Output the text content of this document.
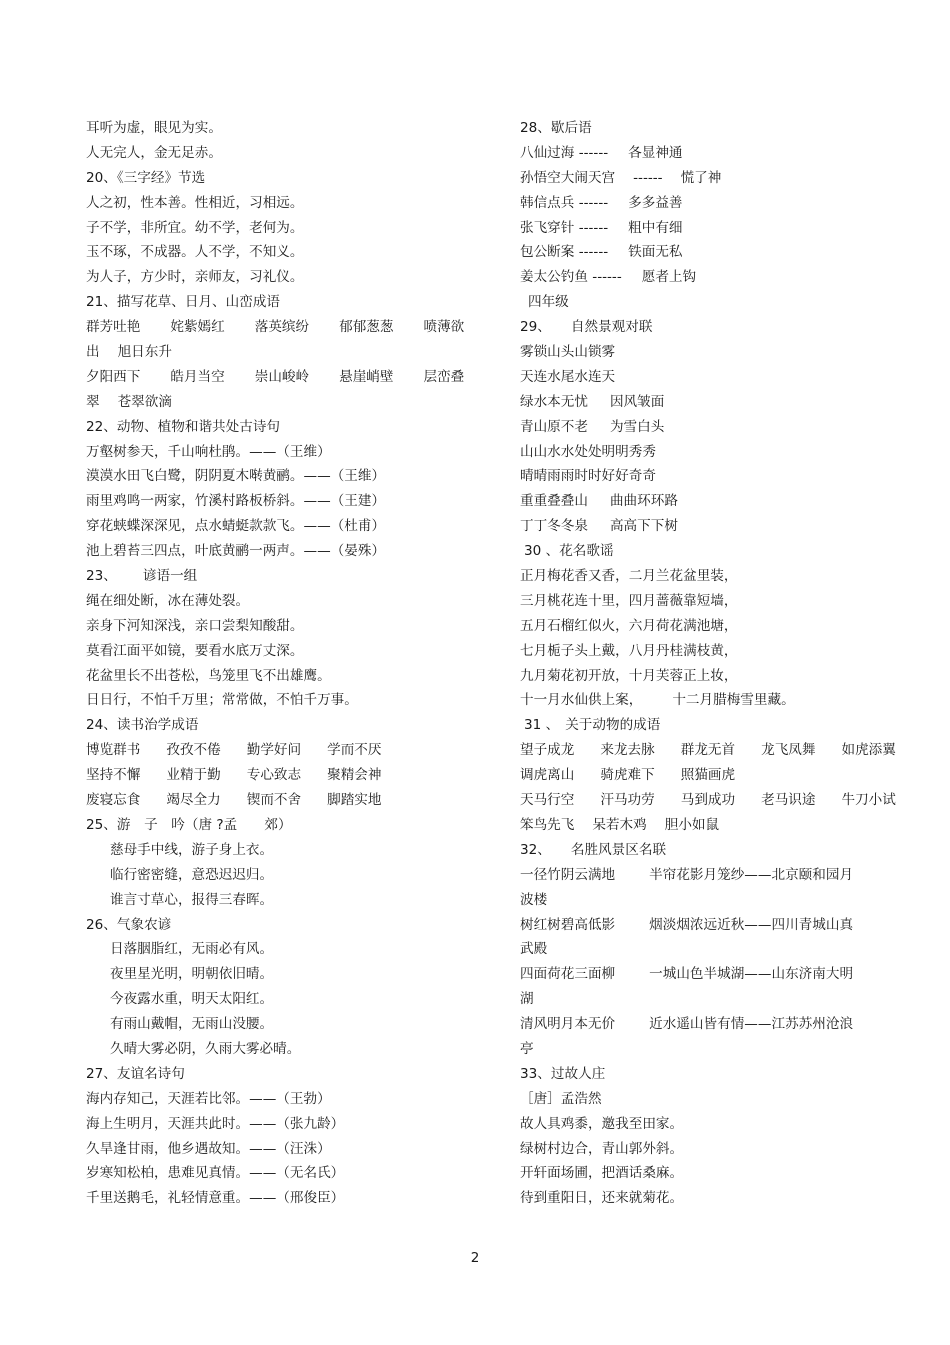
耳听为虚，眼见为实。
人无完人，金无足赤。
20、《三字经》节选
人之初，性本善。性相近，习相远。
子不学，非所宜。幼不学，老何为。
玉不琢，不成器。人不学，不知义。
为人子，方少时，亲师友，习礼仪。
21、描写花草、日月、山峦成语
群芳吐艳 姹紫嫣红 落英缤纷 郁郁葱葱 喷薄欲
出 旭日东升
夕阳西下 皓月当空 崇山峻岭 悬崖峭壁 层峦叠
翠 苍翠欲滴
22、动物、植物和谐共处古诗句
万壑树参天，千山响杜鹃。——（王维）
漠漠水田飞白鹭，阴阴夏木啭黄鹂。——（王维）
雨里鸡鸣一两家，竹溪村路板桥斜。——（王建）
穿花蛱蝶深深见，点水蜻蜓款款飞。——（杜甫）
池上碧苔三四点，叶底黄鹂一两声。——（晏殊）
23、 谚语一组
绳在细处断，冰在薄处裂。
亲身下河知深浅，亲口尝梨知酸甜。
莫看江面平如镜，要看水底万丈深。
花盆里长不出苍松，鸟笼里飞不出雄鹰。
日日行，不怕千万里；常常做，不怕千万事。
24、读书治学成语
博览群书 孜孜不倦 勤学好问 学而不厌
坚持不懈 业精于勤 专心致志 聚精会神
废寝忘食 竭尽全力 锲而不舍 脚踏实地
25、游　子　吟（唐 ?孟　　郊）
慈母手中线，游子身上衣。
临行密密缝，意恐迟迟归。
谁言寸草心，报得三春晖。
26、气象农谚
日落胭脂红，无雨必有风。
夜里星光明，明朝依旧晴。
今夜露水重，明天太阳红。
有雨山戴帽，无雨山没腰。
久晴大雾必阴，久雨大雾必晴。
27、友谊名诗句
海内存知己，天涯若比邻。——（王勃）
海上生明月，天涯共此时。——（张九龄）
久旱逢甘雨，他乡遇故知。——（汪洙）
岁寒知松柏，患难见真情。——（无名氏）
千里送鹅毛，礼轻情意重。——（邢俊臣）
28、歇后语
八仙过海 ------ 各显神通
孙悟空大闹天宫 ------ 慌了神
韩信点兵 ------ 多多益善
张飞穿针 ------ 粗中有细
包公断案 ------ 铁面无私
姜太公钓鱼 ------ 愿者上钩
四年级
29、 自然景观对联
雾锁山头山锁雾
天连水尾水连天
绿水本无忧 因风皱面
青山原不老 为雪白头
山山水水处处明明秀秀
晴晴雨雨时时好好奇奇
重重叠叠山 曲曲环环路
丁丁冬冬泉 高高下下树
30 、花名歌谣
正月梅花香又香，二月兰花盆里装，
三月桃花连十里，四月蔷薇靠短墙，
五月石榴红似火，六月荷花满池塘，
七月栀子头上戴，八月丹桂满枝黄，
九月菊花初开放，十月芙蓉正上妆，
十一月水仙供上案， 十二月腊梅雪里藏。
31 、 关于动物的成语
望子成龙 来龙去脉 群龙无首 龙飞凤舞 如虎添翼
调虎离山 骑虎难下 照猫画虎
天马行空 汗马功劳 马到成功 老马识途 牛刀小试
笨鸟先飞 呆若木鸡 胆小如鼠
32、 名胜风景区名联
一径竹阴云满地	半帘花影月笼纱——北京颐和园月
波楼
树红树碧高低影	烟淡烟浓远近秋——四川青城山真
武殿
四面荷花三面柳	一城山色半城湖——山东济南大明
湖
清风明月本无价	近水遥山皆有情——江苏苏州沧浪
亭
33、过故人庄
［唐］孟浩然
故人具鸡黍，邀我至田家。
绿树村边合，青山郭外斜。
开轩面场圃，把酒话桑麻。
待到重阳日，还来就菊花。
2
